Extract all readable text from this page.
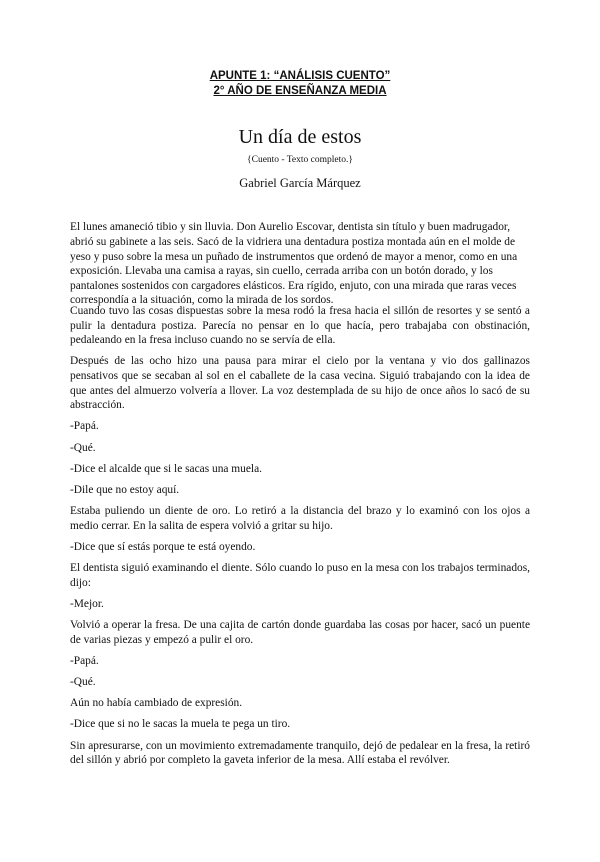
APUNTE 1: “ANÁLISIS CUENTO”
2° AÑO DE ENSEÑANZA MEDIA
Un día de estos
{Cuento - Texto completo.}
Gabriel García Márquez

El lunes amaneció tibio y sin lluvia. Don Aurelio Escovar, dentista sin título y buen madrugador, abrió su gabinete a las seis. Sacó de la vidriera una dentadura postiza montada aún en el molde de yeso y puso sobre la mesa un puñado de instrumentos que ordenó de mayor a menor, como en una exposición. Llevaba una camisa a rayas, sin cuello, cerrada arriba con un botón dorado, y los pantalones sostenidos con cargadores elásticos. Era rígido, enjuto, con una mirada que raras veces correspondía a la situación, como la mirada de los sordos.

Cuando tuvo las cosas dispuestas sobre la mesa rodó la fresa hacia el sillón de resortes y se sentó a pulir la dentadura postiza. Parecía no pensar en lo que hacía, pero trabajaba con obstinación, pedaleando en la fresa incluso cuando no se servía de ella.

Después de las ocho hizo una pausa para mirar el cielo por la ventana y vio dos gallinazos pensativos que se secaban al sol en el caballete de la casa vecina. Siguió trabajando con la idea de que antes del almuerzo volvería a llover. La voz destemplada de su hijo de once años lo sacó de su abstracción.

-Papá.

-Qué.

-Dice el alcalde que si le sacas una muela.

-Dile que no estoy aquí.

Estaba puliendo un diente de oro. Lo retiró a la distancia del brazo y lo examinó con los ojos a medio cerrar. En la salita de espera volvió a gritar su hijo.

-Dice que sí estás porque te está oyendo.

El dentista siguió examinando el diente. Sólo cuando lo puso en la mesa con los trabajos terminados, dijo:

-Mejor.

Volvió a operar la fresa. De una cajita de cartón donde guardaba las cosas por hacer, sacó un puente de varias piezas y empezó a pulir el oro.

-Papá.

-Qué.

Aún no había cambiado de expresión.

-Dice que si no le sacas la muela te pega un tiro.

Sin apresurarse, con un movimiento extremadamente tranquilo, dejó de pedalear en la fresa, la retiró del sillón y abrió por completo la gaveta inferior de la mesa. Allí estaba el revólver.
